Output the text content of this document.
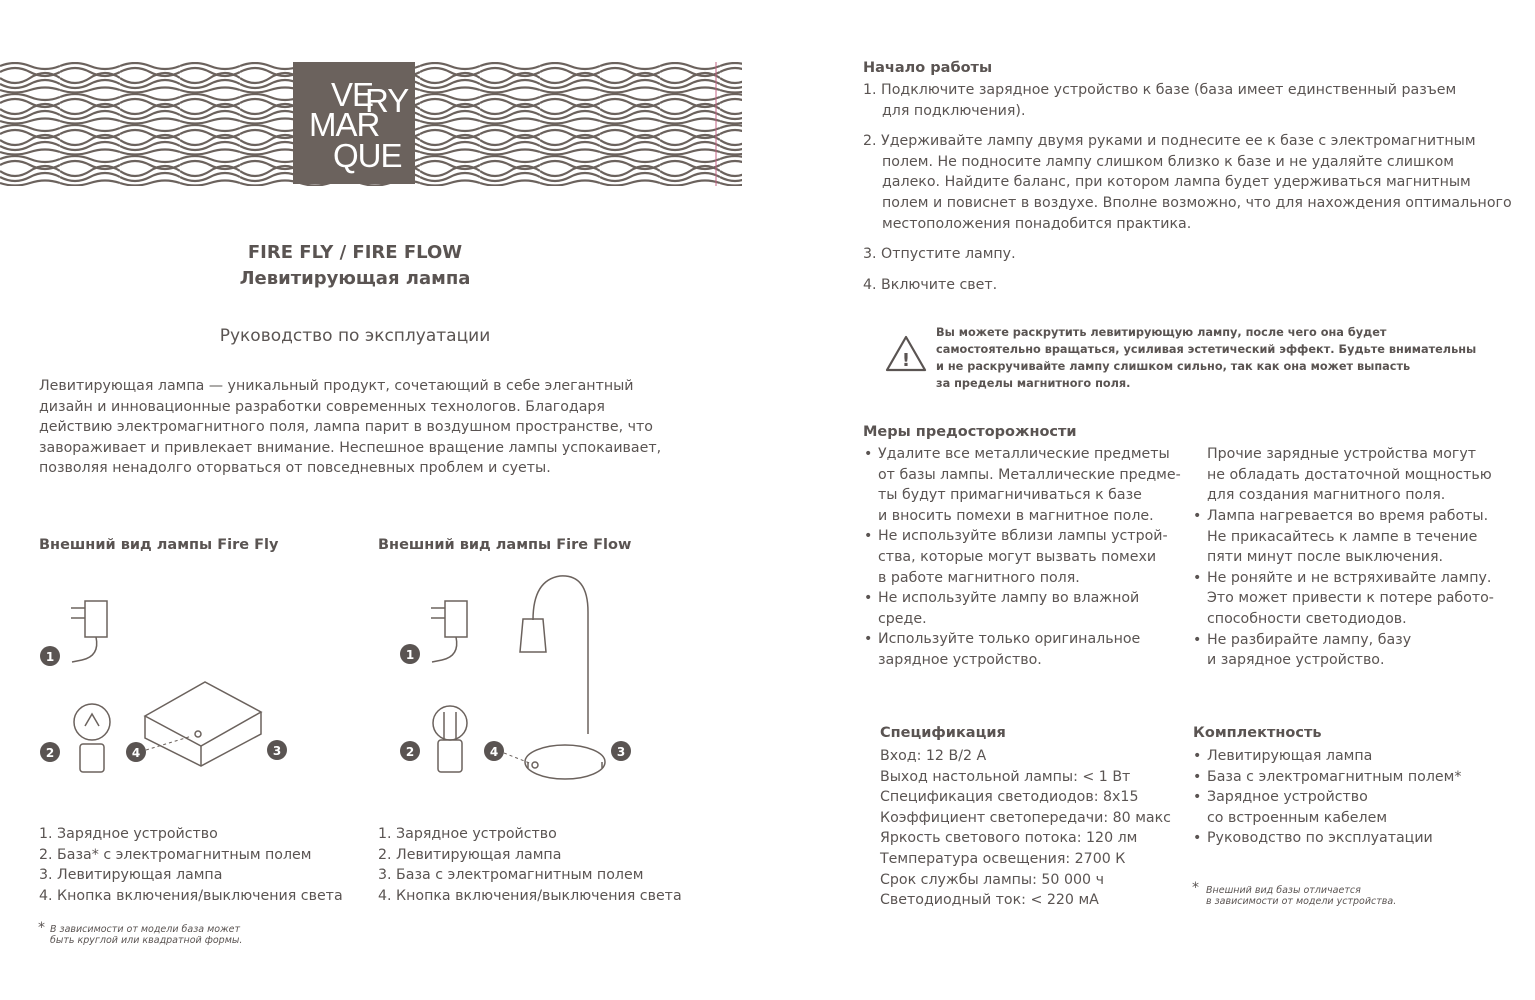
VE
RY
MAR
QUE
FIRE FLY / FIRE FLOW
Левитирующая лампа
Руководство по эксплуатации
Левитирующая лампа — уникальный продукт, сочетающий в себе элегантный
дизайн и инновационные разработки современных технологов. Благодаря
действию электромагнитного поля, лампа парит в воздушном пространстве, что
завораживает и привлекает внимание. Неспешное вращение лампы успокаивает,
позволяя ненадолго оторваться от повседневных проблем и суеты.
Внешний вид лампы Fire Fly
1
2	4	3
1. Зарядное устройство
2. База* с электромагнитным полем
3. Левитирующая лампа
4. Кнопка включения/выключения света
* В зависимости от модели база может
быть круглой или квадратной формы.
Внешний вид лампы Fire Flow
1
2	4	3
1. Зарядное устройство
2. Левитирующая лампа
3. База с электромагнитным полем
4. Кнопка включения/выключения света
Начало работы
1. Подключите зарядное устройство к базе (база имеет единственный разъем
для подключения).
2. Удерживайте лампу двумя руками и поднесите ее к базе с электромагнитным
полем. Не подносите лампу слишком близко к базе и не удаляйте слишком
далеко. Найдите баланс, при котором лампа будет удерживаться магнитным
полем и повиснет в воздухе. Вполне возможно, что для нахождения оптимального
местоположения понадобится практика.
3. Отпустите лампу.
4. Включите свет.
!
Вы можете раскрутить левитирующую лампу, после чего она будет
самостоятельно вращаться, усиливая эстетический эффект. Будьте внимательны
и не раскручивайте лампу слишком сильно, так как она может выпасть
за пределы магнитного поля.
Меры предосторожности
• Удалите все металлические предметы
от базы лампы. Металлические предме-
ты будут примагничиваться к базе
и вносить помехи в магнитное поле.
• Не используйте вблизи лампы устрой-
ства, которые могут вызвать помехи
в работе магнитного поля.
• Не используйте лампу во влажной
среде.
• Используйте только оригинальное
зарядное устройство.
Прочие зарядные устройства могут
не обладать достаточной мощностью
для создания магнитного поля.
• Лампа нагревается во время работы.
Не прикасайтесь к лампе в течение
пяти минут после выключения.
• Не роняйте и не встряхивайте лампу.
Это может привести к потере работо-
способности светодиодов.
• Не разбирайте лампу, базу
и зарядное устройство.
Спецификация
Вход: 12 В/2 А
Выход настольной лампы: < 1 Вт
Спецификация светодиодов: 8х15
Коэффициент светопередачи: 80 макс
Яркость светового потока: 120 лм
Температура освещения: 2700 К
Срок службы лампы: 50 000 ч
Светодиодный ток: < 220 мА
Комплектность
• Левитирующая лампа
• База с электромагнитным полем*
• Зарядное устройство
со встроенным кабелем
• Руководство по эксплуатации
* Внешний вид базы отличается
в зависимости от модели устройства.
